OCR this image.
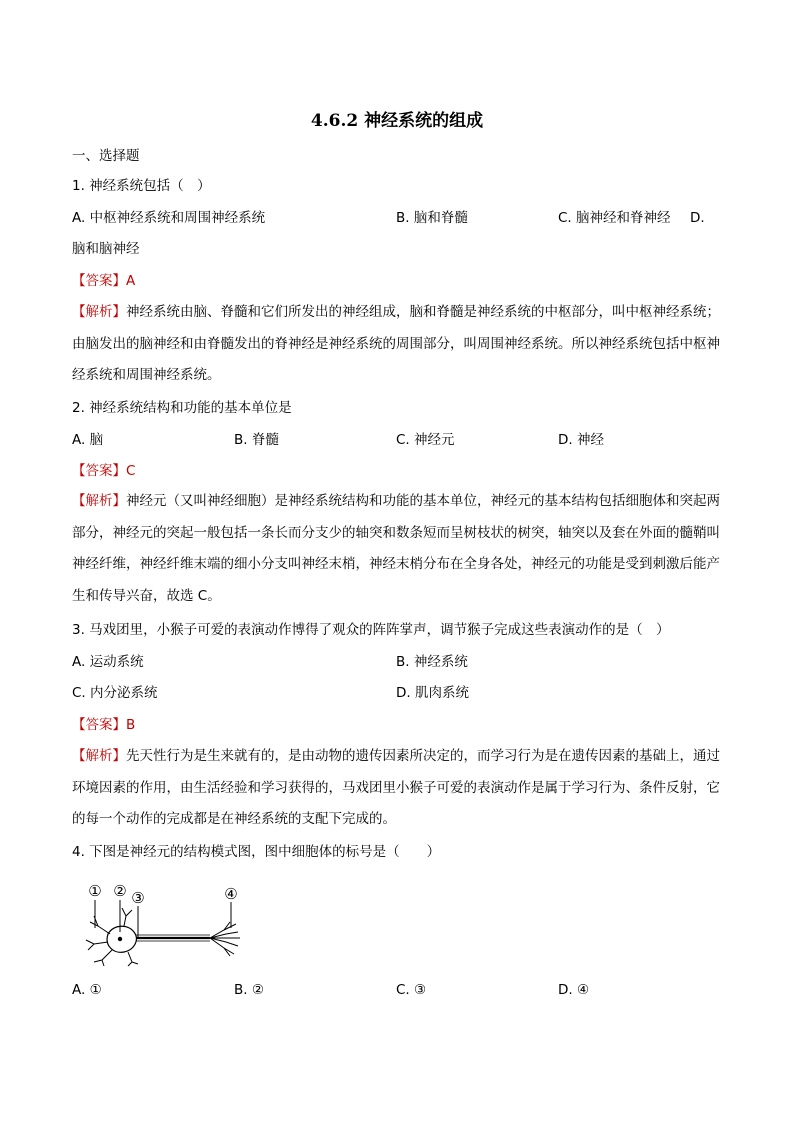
4.6.2 神经系统的组成
一、选择题
1. 神经系统包括（　）
A. 中枢神经系统和周围神经系统	B. 脑和脊髓	C. 脑神经和脊神经 D.
脑和脑神经
【答案】A
【解析】神经系统由脑、脊髓和它们所发出的神经组成，脑和脊髓是神经系统的中枢部分，叫中枢神经系统；由脑发出的脑神经和由脊髓发出的脊神经是神经系统的周围部分，叫周围神经系统。所以神经系统包括中枢神经系统和周围神经系统。
2. 神经系统结构和功能的基本单位是
A. 脑	B. 脊髓	C. 神经元	D. 神经
【答案】C
【解析】神经元（又叫神经细胞）是神经系统结构和功能的基本单位，神经元的基本结构包括细胞体和突起两部分，神经元的突起一般包括一条长而分支少的轴突和数条短而呈树枝状的树突，轴突以及套在外面的髓鞘叫神经纤维，神经纤维末端的细小分支叫神经末梢，神经末梢分布在全身各处，神经元的功能是受到刺激后能产生和传导兴奋，故选 C。
3. 马戏团里，小猴子可爱的表演动作博得了观众的阵阵掌声，调节猴子完成这些表演动作的是（　）
A. 运动系统	B. 神经系统
C. 内分泌系统	D. 肌肉系统
【答案】B
【解析】先天性行为是生来就有的，是由动物的遗传因素所决定的，而学习行为是在遗传因素的基础上，通过环境因素的作用，由生活经验和学习获得的，马戏团里小猴子可爱的表演动作是属于学习行为、条件反射，它的每一个动作的完成都是在神经系统的支配下完成的。
4. 下图是神经元的结构模式图，图中细胞体的标号是（　　）
① ② ③	④
A. ①	B. ②	C. ③	D. ④
